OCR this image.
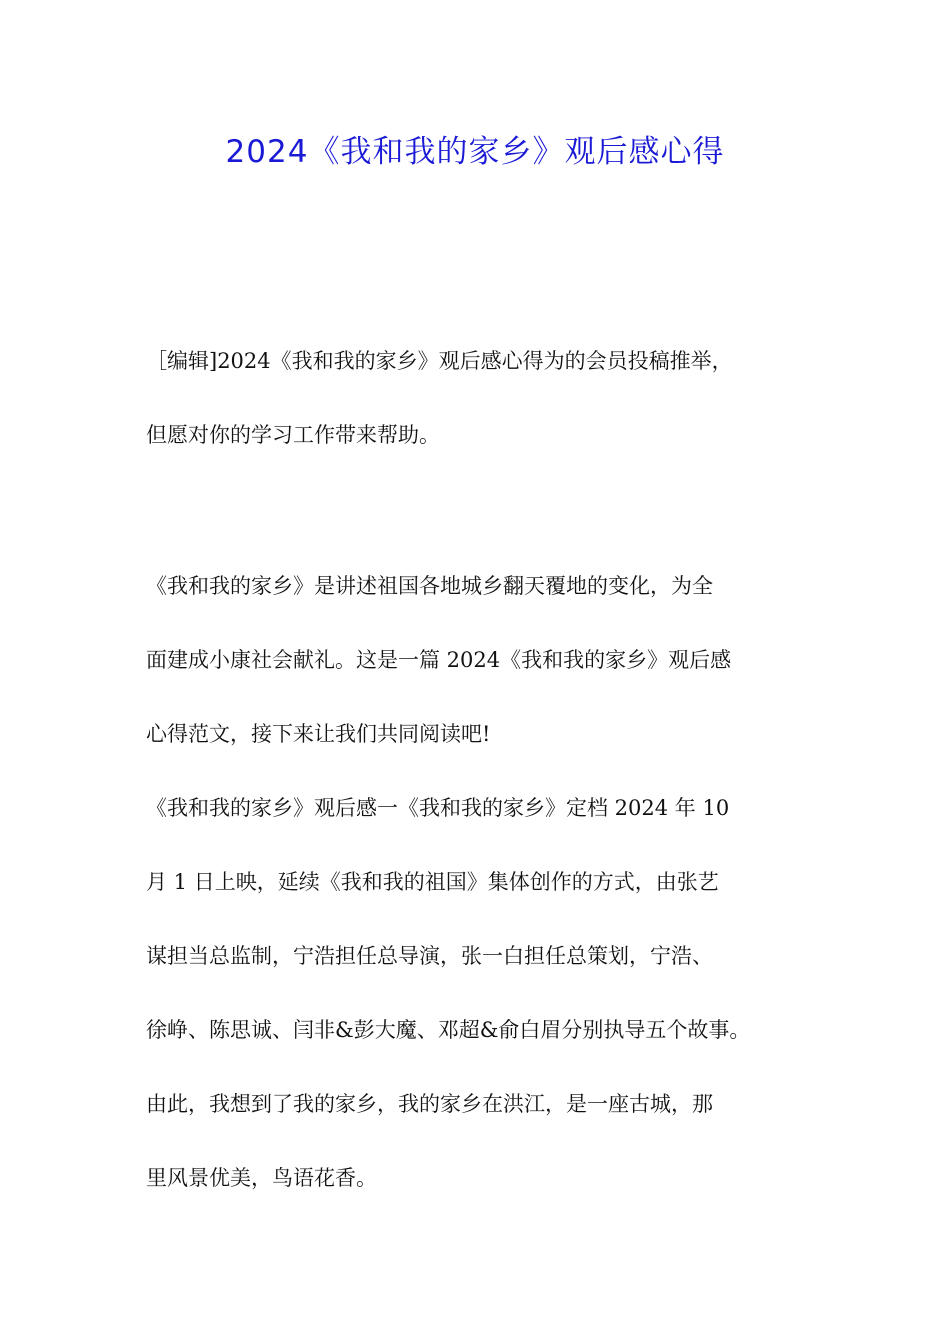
2024《我和我的家乡》观后感心得

［编辑]2024《我和我的家乡》观后感心得为的会员投稿推举，

但愿对你的学习工作带来帮助。

《我和我的家乡》是讲述祖国各地城乡翻天覆地的变化，为全

面建成小康社会献礼。这是一篇 2024《我和我的家乡》观后感

心得范文，接下来让我们共同阅读吧!

《我和我的家乡》观后感一《我和我的家乡》定档 2024 年 10

月 1 日上映，延续《我和我的祖国》集体创作的方式，由张艺

谋担当总监制，宁浩担任总导演，张一白担任总策划，宁浩、

徐峥、陈思诚、闫非&彭大魔、邓超&俞白眉分别执导五个故事。

由此，我想到了我的家乡，我的家乡在洪江，是一座古城，那

里风景优美，鸟语花香。
